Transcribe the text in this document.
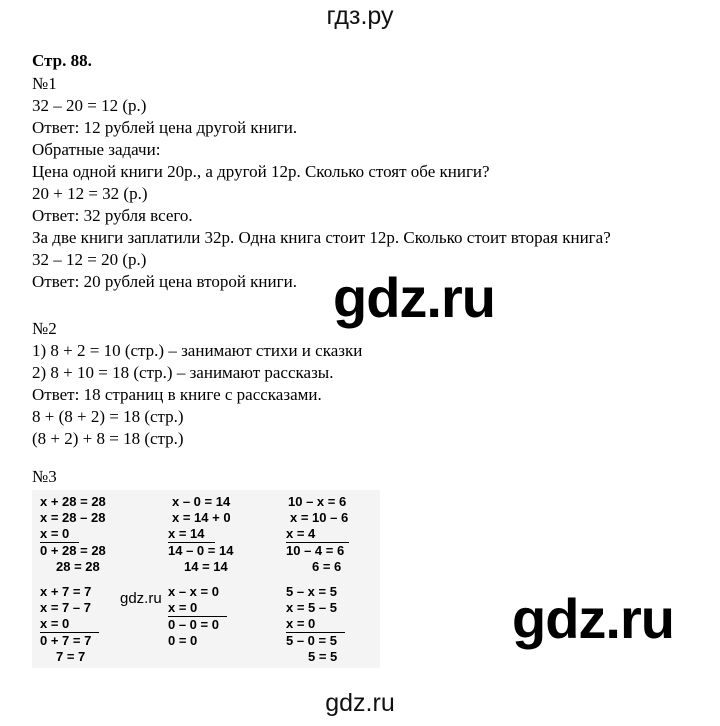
гдз.ру
Стр. 88.
№1
32 – 20 = 12 (р.)
Ответ: 12 рублей цена другой книги.
Обратные задачи:
Цена одной книги 20р., а другой 12р. Сколько стоят обе книги?
20 + 12 = 32 (р.)
Ответ: 32 рубля всего.
За две книги заплатили 32р. Одна книга стоит 12р. Сколько стоит вторая книга?
32 – 12 = 20 (р.)
Ответ: 20 рублей цена второй книги. gdz.ru
№2
1) 8 + 2 = 10 (стр.) – занимают стихи и сказки
2) 8 + 10 = 18 (стр.) – занимают рассказы.
Ответ: 18 страниц в книге с рассказами.
8 + (8 + 2) = 18 (стр.)
(8 + 2) + 8 = 18 (стр.)
№3
x + 28 = 28
x = 28 – 28
x = 0
0 + 28 = 28
28 = 28
x – 0 = 14
x = 14 + 0
x = 14
14 – 0 = 14
14 = 14
10 – x = 6
x = 10 – 6
x = 4
10 – 4 = 6
6 = 6
x + 7 = 7
x = 7 – 7
x = 0
0 + 7 = 7
7 = 7
x – x = 0
x = 0
0 – 0 = 0
0 = 0
5 – x = 5
x = 5 – 5
x = 0
5 – 0 = 5
5 = 5
gdz.ru	gdz.ru
gdz.ru
